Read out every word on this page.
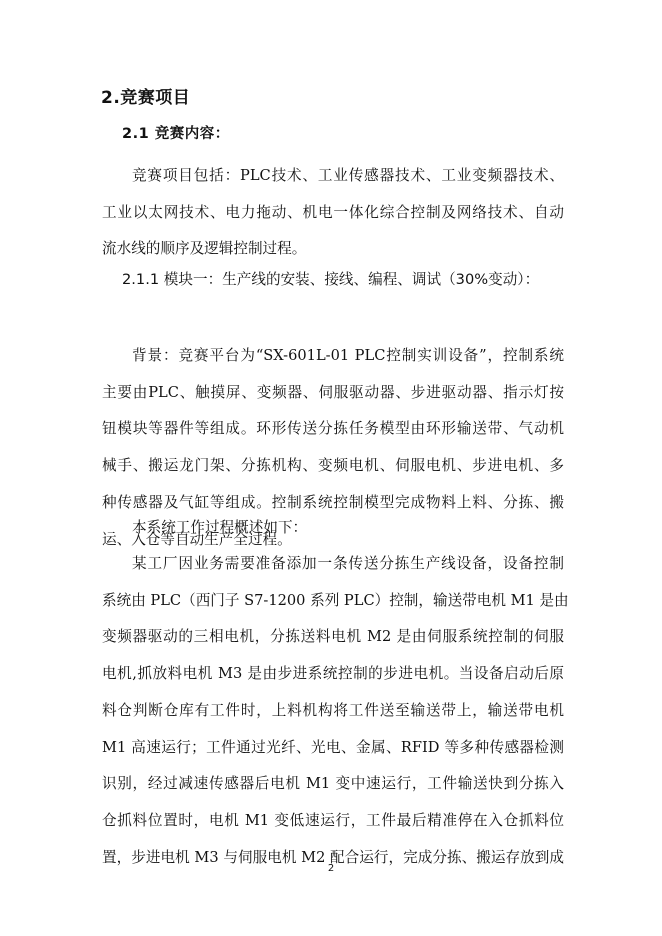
2.竞赛项目
2.1 竞赛内容：
竞赛项目包括：PLC技术、工业传感器技术、工业变频器技术、
工业以太网技术、电力拖动、机电一体化综合控制及网络技术、自动
流水线的顺序及逻辑控制过程。
2.1.1 模块一：生产线的安装、接线、编程、调试（30%变动）：
背景：竞赛平台为“SX-601L-01 PLC控制实训设备”，控制系统
主要由PLC、触摸屏、变频器、伺服驱动器、步进驱动器、指示灯按
钮模块等器件等组成。环形传送分拣任务模型由环形输送带、气动机
械手、搬运龙门架、分拣机构、变频电机、伺服电机、步进电机、多
种传感器及气缸等组成。控制系统控制模型完成物料上料、分拣、搬
运、入仓等自动生产全过程。
本系统工作过程概述如下：
某工厂因业务需要准备添加一条传送分拣生产线设备，设备控制
系统由 PLC（西门子 S7-1200 系列 PLC）控制，输送带电机 M1 是由
变频器驱动的三相电机，分拣送料电机 M2 是由伺服系统控制的伺服
电机,抓放料电机 M3 是由步进系统控制的步进电机。当设备启动后原
料仓判断仓库有工件时，上料机构将工件送至输送带上，输送带电机
M1 高速运行；工件通过光纤、光电、金属、RFID 等多种传感器检测
识别，经过减速传感器后电机 M1 变中速运行，工件输送快到分拣入
仓抓料位置时，电机 M1 变低速运行，工件最后精准停在入仓抓料位
置，步进电机 M3 与伺服电机 M2 配合运行，完成分拣、搬运存放到成
2
